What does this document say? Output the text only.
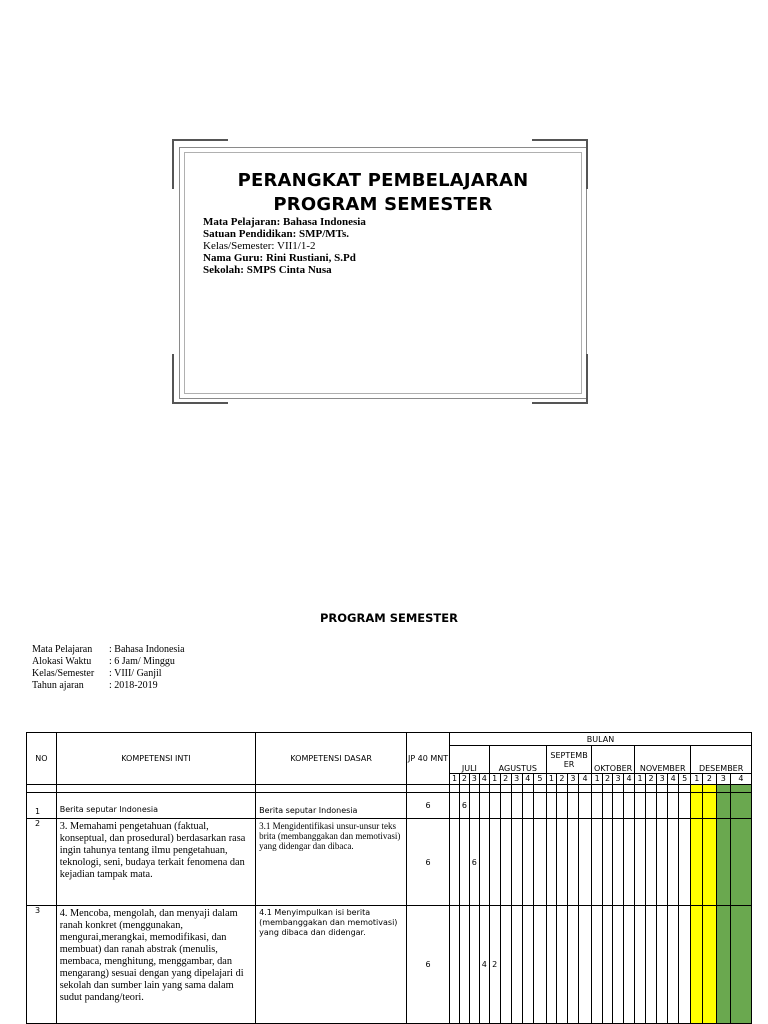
PERANGKAT PEMBELAJARAN
PROGRAM SEMESTER
Mata Pelajaran: Bahasa Indonesia
Satuan Pendidikan: SMP/MTs.
Kelas/Semester: VII1/1-2
Nama Guru: Rini Rustiani, S.Pd
Sekolah: SMPS Cinta Nusa
PROGRAM SEMESTER
Mata Pelajaran	: Bahasa Indonesia
Alokasi Waktu	: 6 Jam/ Minggu
Kelas/Semester	: VIII/ Ganjil
Tahun ajaran	: 2018-2019
NO	KOMPETENSI INTI	KOMPETENSI DASAR	JP 40 MNT	BULAN																									
				JULI				AGUSTUS					SEPTEMB ER				OKTOBER				NOVEMBER					DESEMBER			
				1	2	3	4	1	2	3	4	5	1	2	3	4	1	2	3	4	1	2	3	4	5	1	2	3	4

1	Berita seputar Indonesia	Berita seputar Indonesia	6		6																								
2	3. Memahami pengetahuan (faktual, konseptual, dan prosedural) berdasarkan rasa ingin tahunya tentang ilmu pengetahuan, teknologi, seni, budaya terkait fenomena dan kejadian tampak mata.	3.1 Mengidentifikasi unsur-unsur teks brita (membanggakan dan memotivasi) yang didengar dan dibaca.	6			6																							
3	4. Mencoba, mengolah, dan menyaji dalam ranah konkret (menggunakan, mengurai,merangkai, memodifikasi, dan membuat) dan ranah abstrak (menulis, membaca, menghitung, menggambar, dan mengarang) sesuai dengan yang dipelajari di sekolah dan sumber lain yang sama dalam sudut pandang/teori.	4.1 Menyimpulkan isi berita (membanggakan dan memotivasi) yang dibaca dan didengar.	6				4	2																					
